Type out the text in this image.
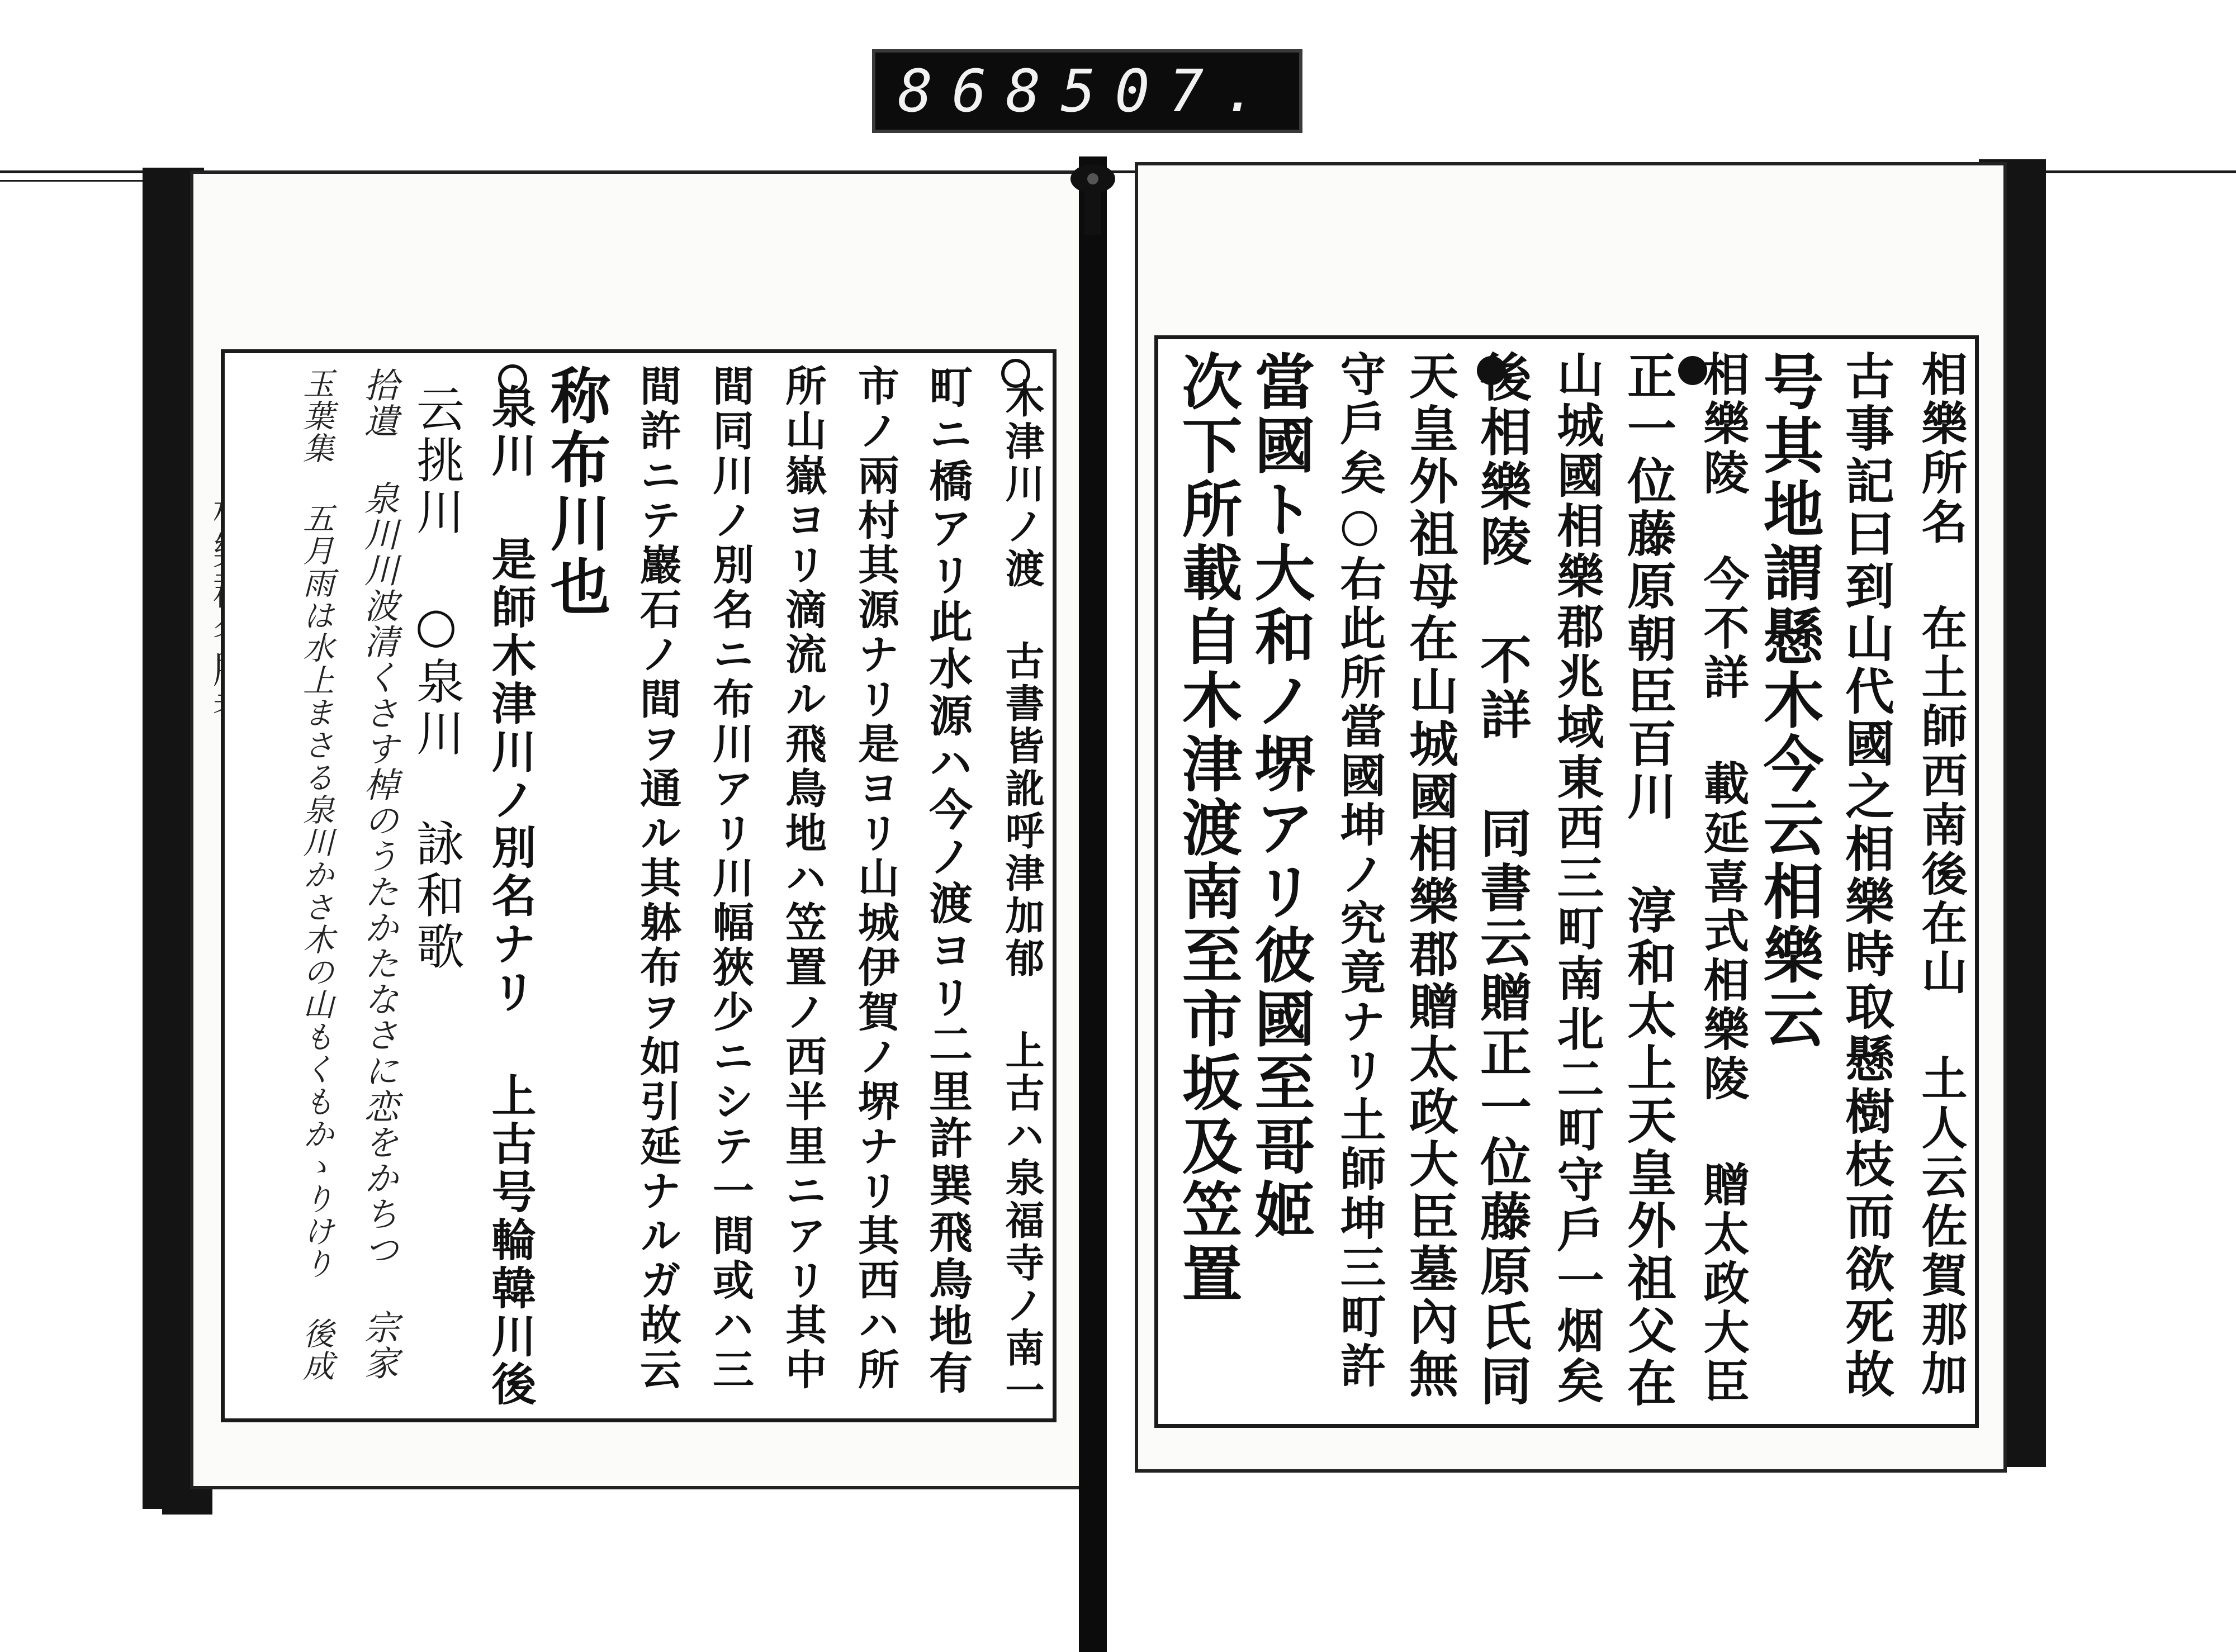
868 507.
相樂所名 在土師西南後在山 土人云佐賀那加
古事記曰到山代國之相樂時取懸樹枝而欲死故
号其地謂懸木今云相樂云
相樂陵 今不詳 載延喜式相樂陵 贈太政大臣
正一位藤原朝臣百川 淳和太上天皇外祖父在
山城國相樂郡兆域東西三町南北二町守戶一烟矣
後相樂陵 不詳 同書云贈正一位藤原氏同
天皇外祖母在山城國相樂郡贈太政大臣墓內無
守戶矣○右此所當國坤ノ究竟ナリ土師坤三町許
當國ト大和ノ堺アリ彼國至哥姬
次下所載自木津渡南至市坂及笠置
木津川ノ渡 古書皆訛呼津加郁 上古ハ泉福寺ノ南一
町ニ橋アリ此水源ハ今ノ渡ヨリ二里許巽飛鳥地有
市ノ兩村其源ナリ是ヨリ山城伊賀ノ堺ナリ其西ハ所
所山嶽ヨリ滴流ル飛鳥地ハ笠置ノ西半里ニアリ其中
間同川ノ別名ニ布川アリ川幅狹少ニシテ一間或ハ三
間許ニテ巖石ノ間ヲ通ル其躰布ヲ如引延ナルガ故云
称布川也
泉川 是師木津川ノ別名ナリ 上古号輪韓川後
云挑川 ○泉川 詠和歌
拾遺 泉川川波清くさす棹のうたかたなさに恋をかちつ 宗家
玉葉集 五月雨は水上まさる泉川かさ木の山もくもかゝりけり 後成
